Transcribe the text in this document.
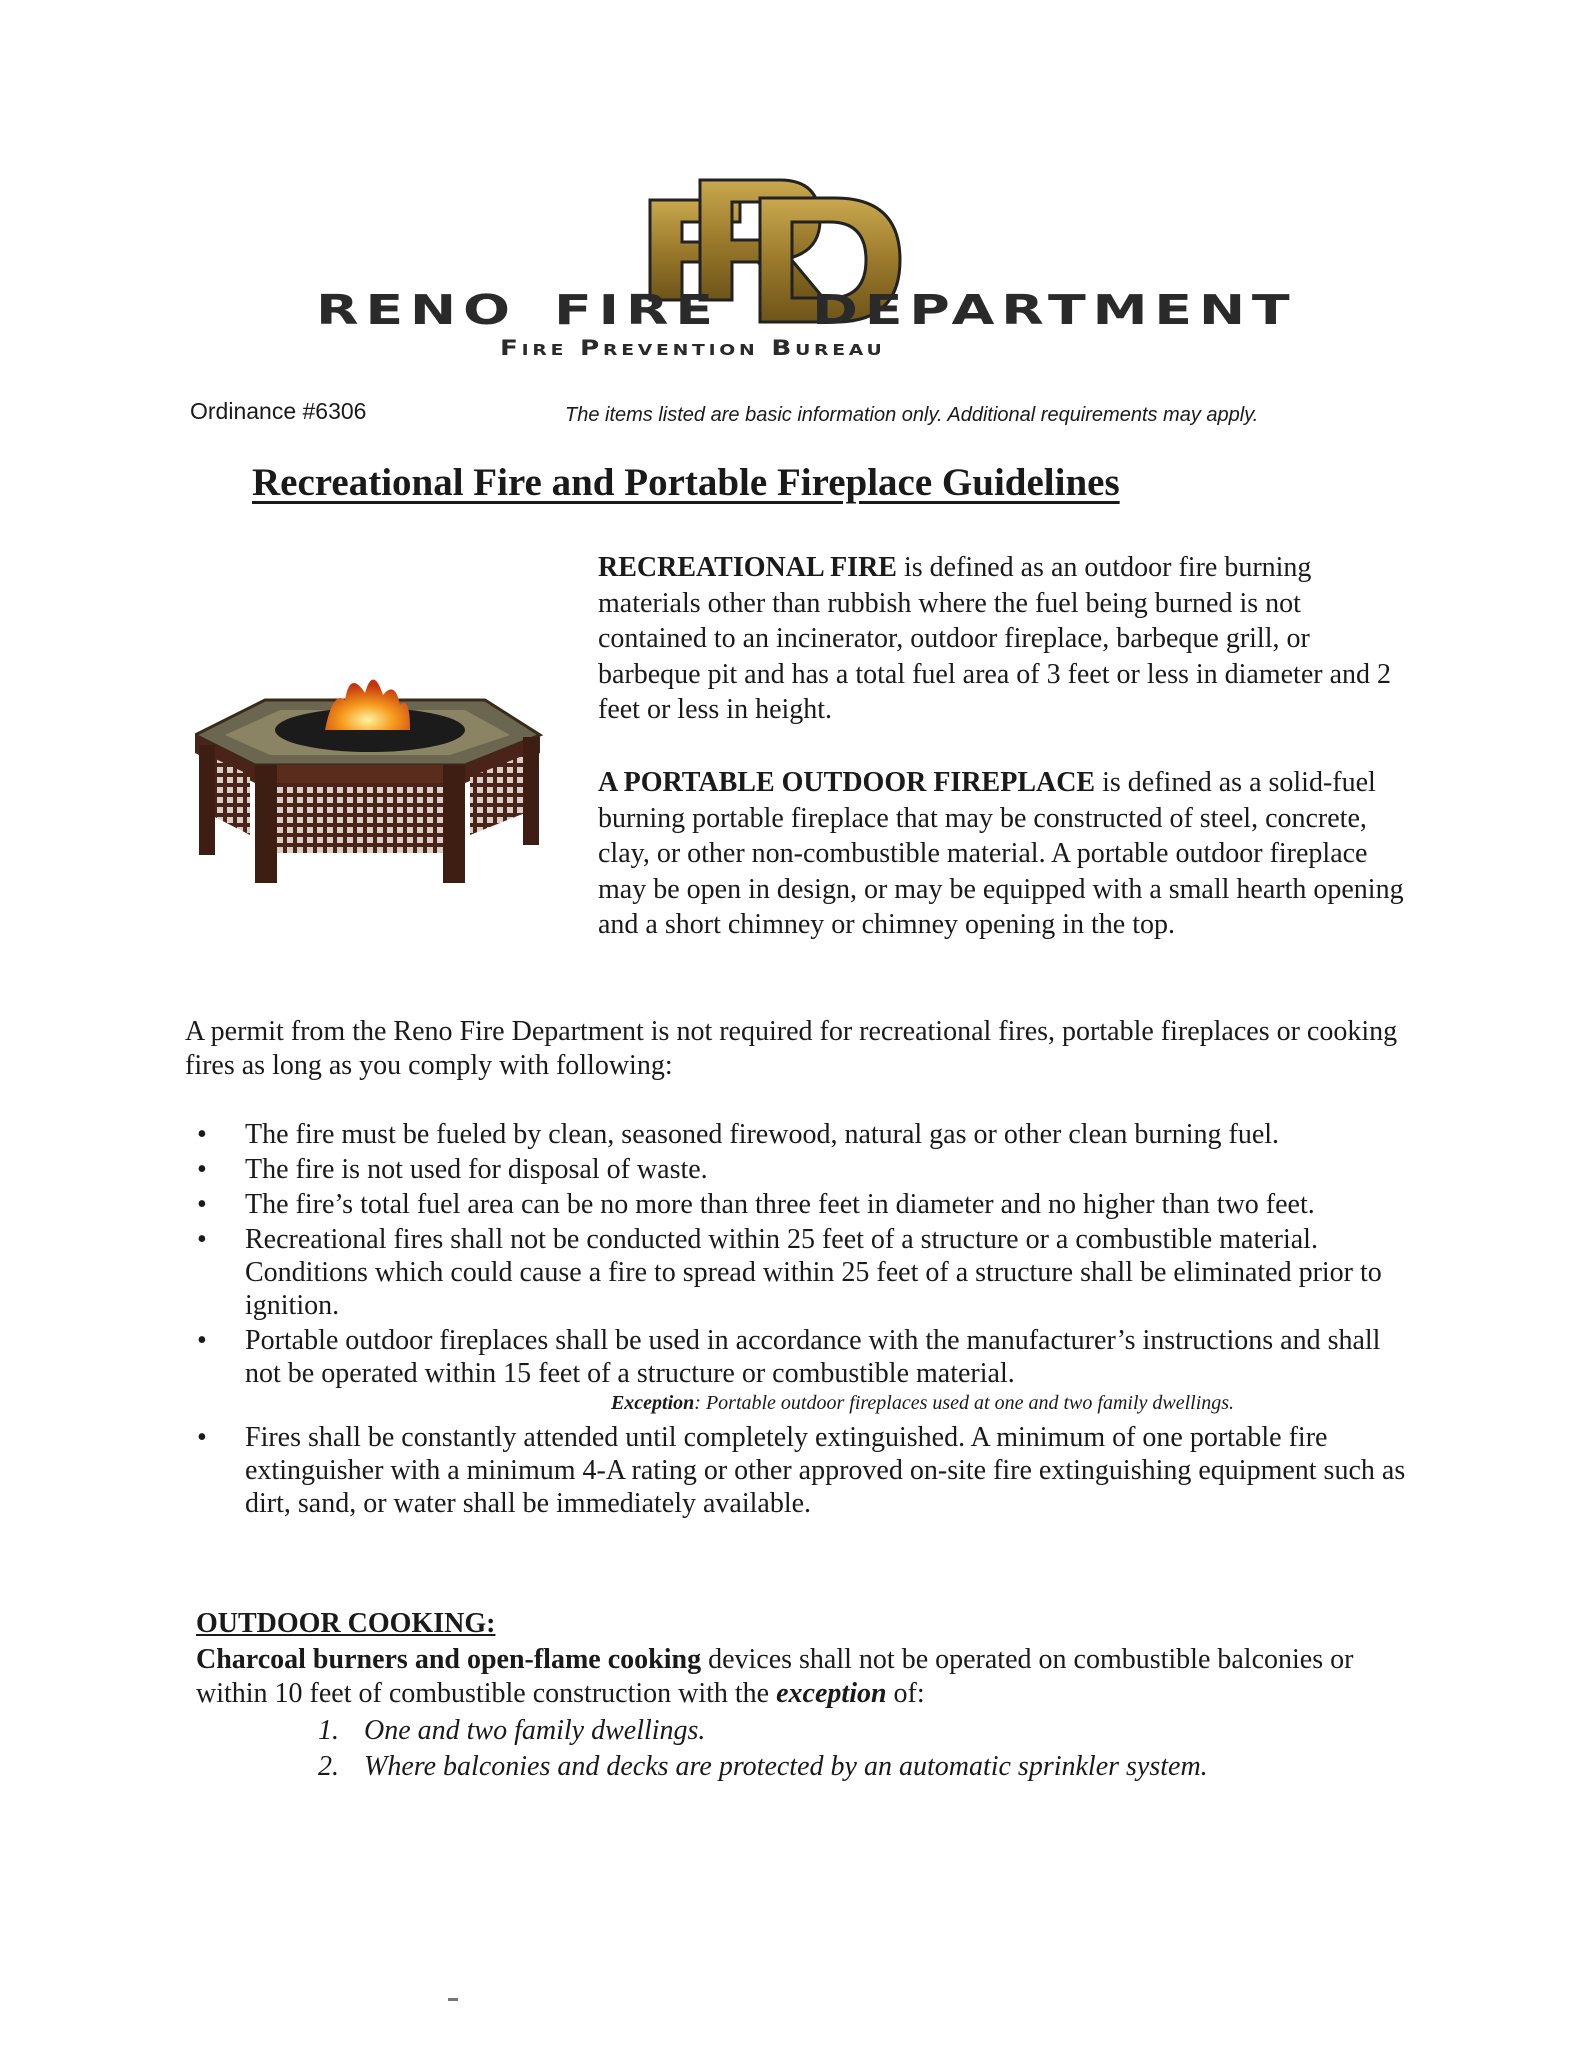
RENO FIRE DEPARTMENT
Fire Prevention Bureau
Ordinance #6306	The items listed are basic information only. Additional requirements may apply.
Recreational Fire and Portable Fireplace Guidelines

RECREATIONAL FIRE is defined as an outdoor fire burning materials other than rubbish where the fuel being burned is not contained to an incinerator, outdoor fireplace, barbeque grill, or barbeque pit and has a total fuel area of 3 feet or less in diameter and 2 feet or less in height.

A PORTABLE OUTDOOR FIREPLACE is defined as a solid-fuel burning portable fireplace that may be constructed of steel, concrete, clay, or other non-combustible material. A portable outdoor fireplace may be open in design, or may be equipped with a small hearth opening and a short chimney or chimney opening in the top.

A permit from the Reno Fire Department is not required for recreational fires, portable fireplaces or cooking fires as long as you comply with following:

• The fire must be fueled by clean, seasoned firewood, natural gas or other clean burning fuel.
• The fire is not used for disposal of waste.
• The fire’s total fuel area can be no more than three feet in diameter and no higher than two feet.
• Recreational fires shall not be conducted within 25 feet of a structure or a combustible material. Conditions which could cause a fire to spread within 25 feet of a structure shall be eliminated prior to ignition.
• Portable outdoor fireplaces shall be used in accordance with the manufacturer’s instructions and shall not be operated within 15 feet of a structure or combustible material.
Exception: Portable outdoor fireplaces used at one and two family dwellings.
• Fires shall be constantly attended until completely extinguished. A minimum of one portable fire extinguisher with a minimum 4-A rating or other approved on-site fire extinguishing equipment such as dirt, sand, or water shall be immediately available.
OUTDOOR COOKING:

Charcoal burners and open-flame cooking devices shall not be operated on combustible balconies or within 10 feet of combustible construction with the exception of:

1. One and two family dwellings.
2. Where balconies and decks are protected by an automatic sprinkler system.
